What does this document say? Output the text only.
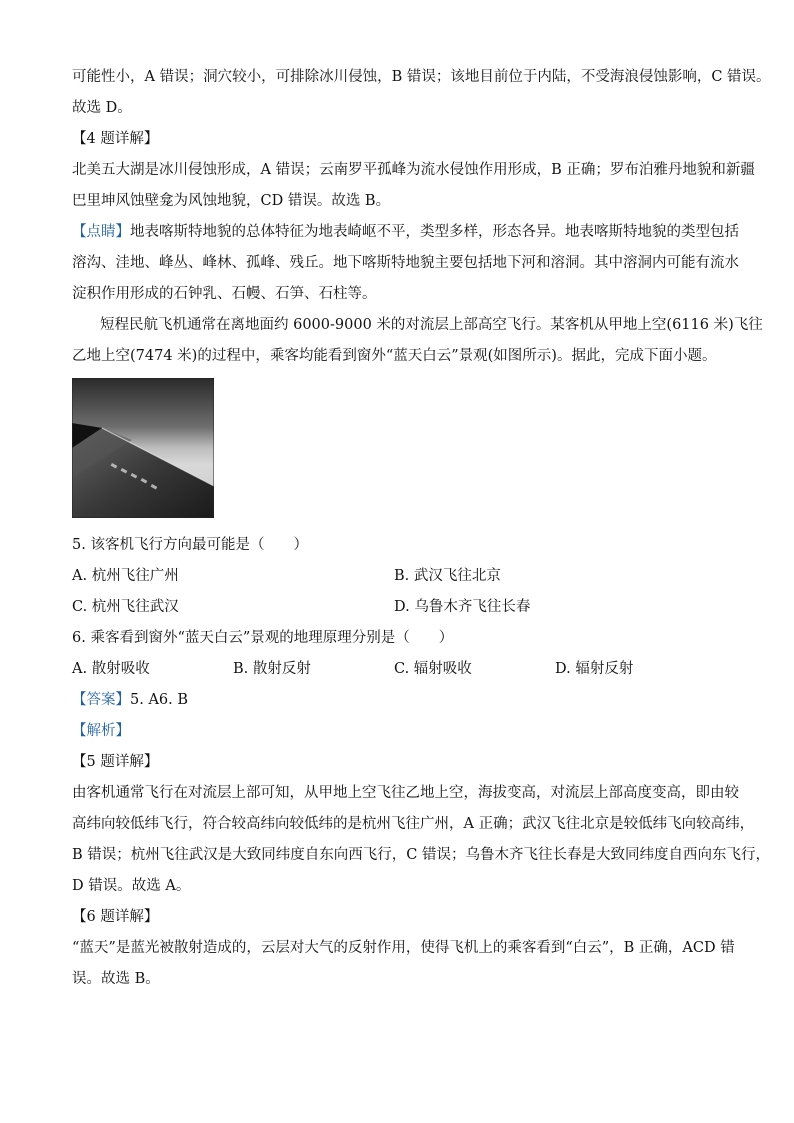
可能性小，A 错误；洞穴较小，可排除冰川侵蚀，B 错误；该地目前位于内陆，不受海浪侵蚀影响，C 错误。
故选 D。
【4 题详解】
北美五大湖是冰川侵蚀形成，A 错误；云南罗平孤峰为流水侵蚀作用形成，B 正确；罗布泊雅丹地貌和新疆
巴里坤风蚀壁龛为风蚀地貌，CD 错误。故选 B。
【点睛】地表喀斯特地貌的总体特征为地表崎岖不平，类型多样，形态各异。地表喀斯特地貌的类型包括
溶沟、洼地、峰丛、峰林、孤峰、残丘。地下喀斯特地貌主要包括地下河和溶洞。其中溶洞内可能有流水
淀积作用形成的石钟乳、石幔、石笋、石柱等。
短程民航飞机通常在离地面约 6000-9000 米的对流层上部高空飞行。某客机从甲地上空(6116 米)飞往
乙地上空(7474 米)的过程中，乘客均能看到窗外“蓝天白云”景观(如图所示)。据此，完成下面小题。
5. 该客机飞行方向最可能是（　　）
A. 杭州飞往广州	B. 武汉飞往北京
C. 杭州飞往武汉	D. 乌鲁木齐飞往长春
6. 乘客看到窗外“蓝天白云”景观的地理原理分别是（　　）
A. 散射吸收	B. 散射反射	C. 辐射吸收	D. 辐射反射
【答案】5. A6. B
【解析】
【5 题详解】
由客机通常飞行在对流层上部可知，从甲地上空飞往乙地上空，海拔变高，对流层上部高度变高，即由较
高纬向较低纬飞行，符合较高纬向较低纬的是杭州飞往广州，A 正确；武汉飞往北京是较低纬飞向较高纬，
B 错误；杭州飞往武汉是大致同纬度自东向西飞行，C 错误；乌鲁木齐飞往长春是大致同纬度自西向东飞行，
D 错误。故选 A。
【6 题详解】
“蓝天”是蓝光被散射造成的，云层对大气的反射作用，使得飞机上的乘客看到“白云”，B 正确，ACD 错
误。故选 B。
